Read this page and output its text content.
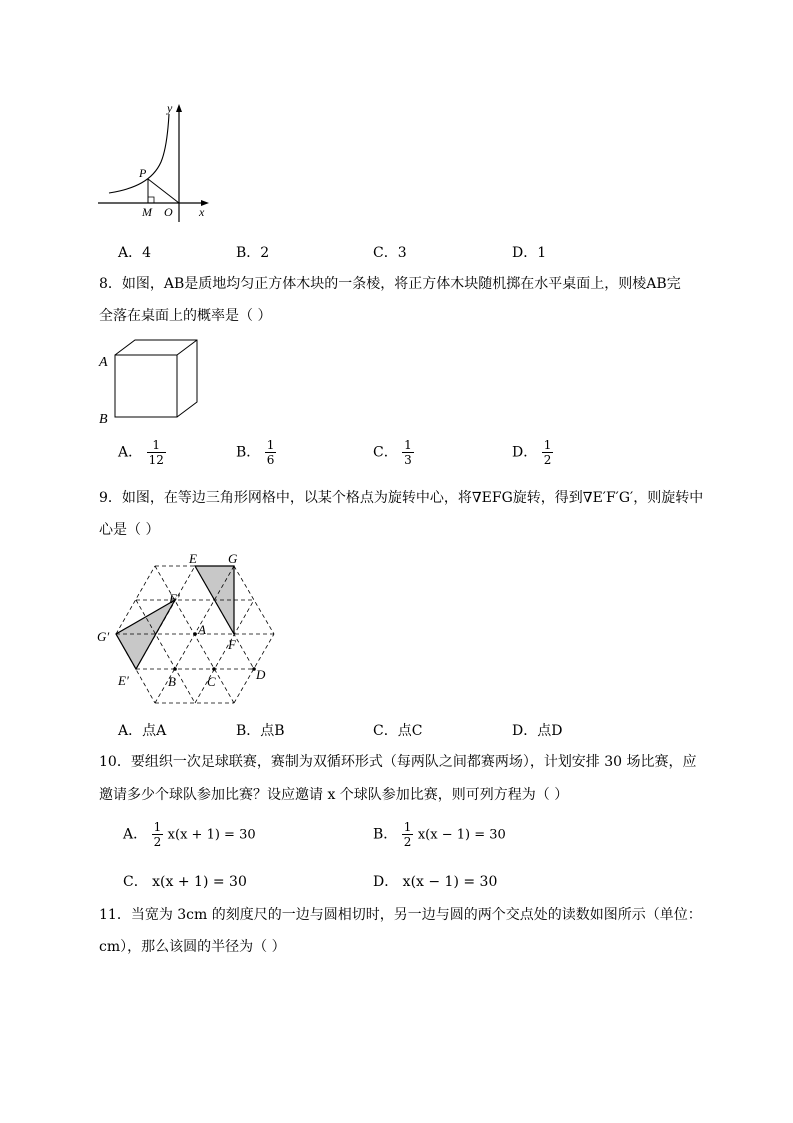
y
x
P
M O
A．4	B．2	C．3	D．1
8．如图，AB是质地均匀正方体木块的一条棱，将正方体木块随机掷在水平桌面上，则棱AB完
全落在桌面上的概率是（ ）
A
B
A． $\frac{1}{12}$	B． $\frac{1}{6}$	C． $\frac{1}{3}$	D． $\frac{1}{2}$
9．如图，在等边三角形网格中，以某个格点为旋转中心，将∇EFG旋转，得到∇E′F′G′，则旋转中
心是（ ）
E G
F
F′
G′
E′
A
B C	D
A．点A	B．点B	C．点C	D．点D
10．要组织一次足球联赛，赛制为双循环形式（每两队之间都赛两场），计划安排 30 场比赛，应
邀请多少个球队参加比赛？设应邀请 x 个球队参加比赛，则可列方程为（ ）
A． $\frac{1}{2} x(x + 1) = 30$	B． $\frac{1}{2} x(x - 1) = 30$
C． x(x + 1) = 30	D． x(x − 1) = 30
11．当宽为 3cm 的刻度尺的一边与圆相切时，另一边与圆的两个交点处的读数如图所示（单位：
cm），那么该圆的半径为（ ）
